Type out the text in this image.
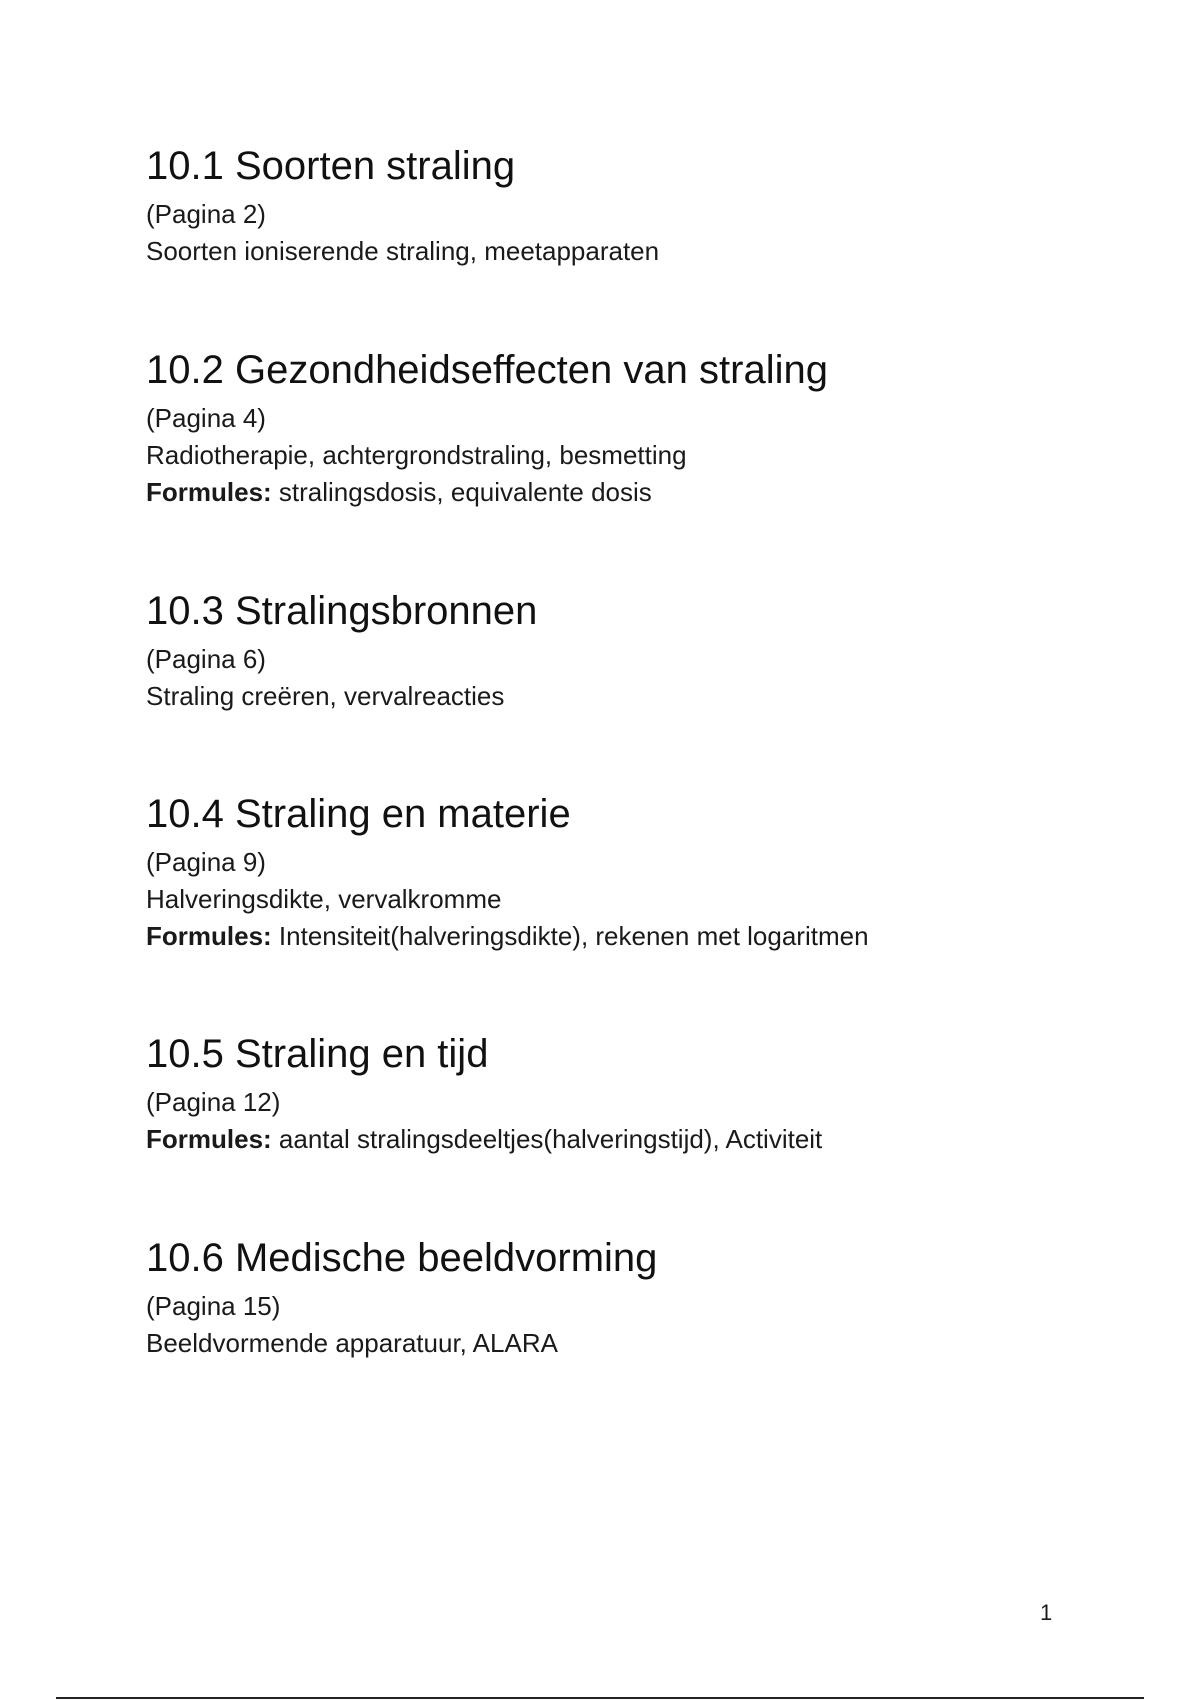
10.1 Soorten straling

(Pagina 2)

Soorten ioniserende straling, meetapparaten

10.2 Gezondheidseffecten van straling

(Pagina 4)

Radiotherapie, achtergrondstraling, besmetting

Formules: stralingsdosis, equivalente dosis

10.3 Stralingsbronnen

(Pagina 6)

Straling creëren, vervalreacties

10.4 Straling en materie

(Pagina 9)

Halveringsdikte, vervalkromme

Formules: Intensiteit(halveringsdikte), rekenen met logaritmen

10.5 Straling en tijd

(Pagina 12)

Formules: aantal stralingsdeeltjes(halveringstijd), Activiteit

10.6 Medische beeldvorming

(Pagina 15)

Beeldvormende apparatuur, ALARA

1
